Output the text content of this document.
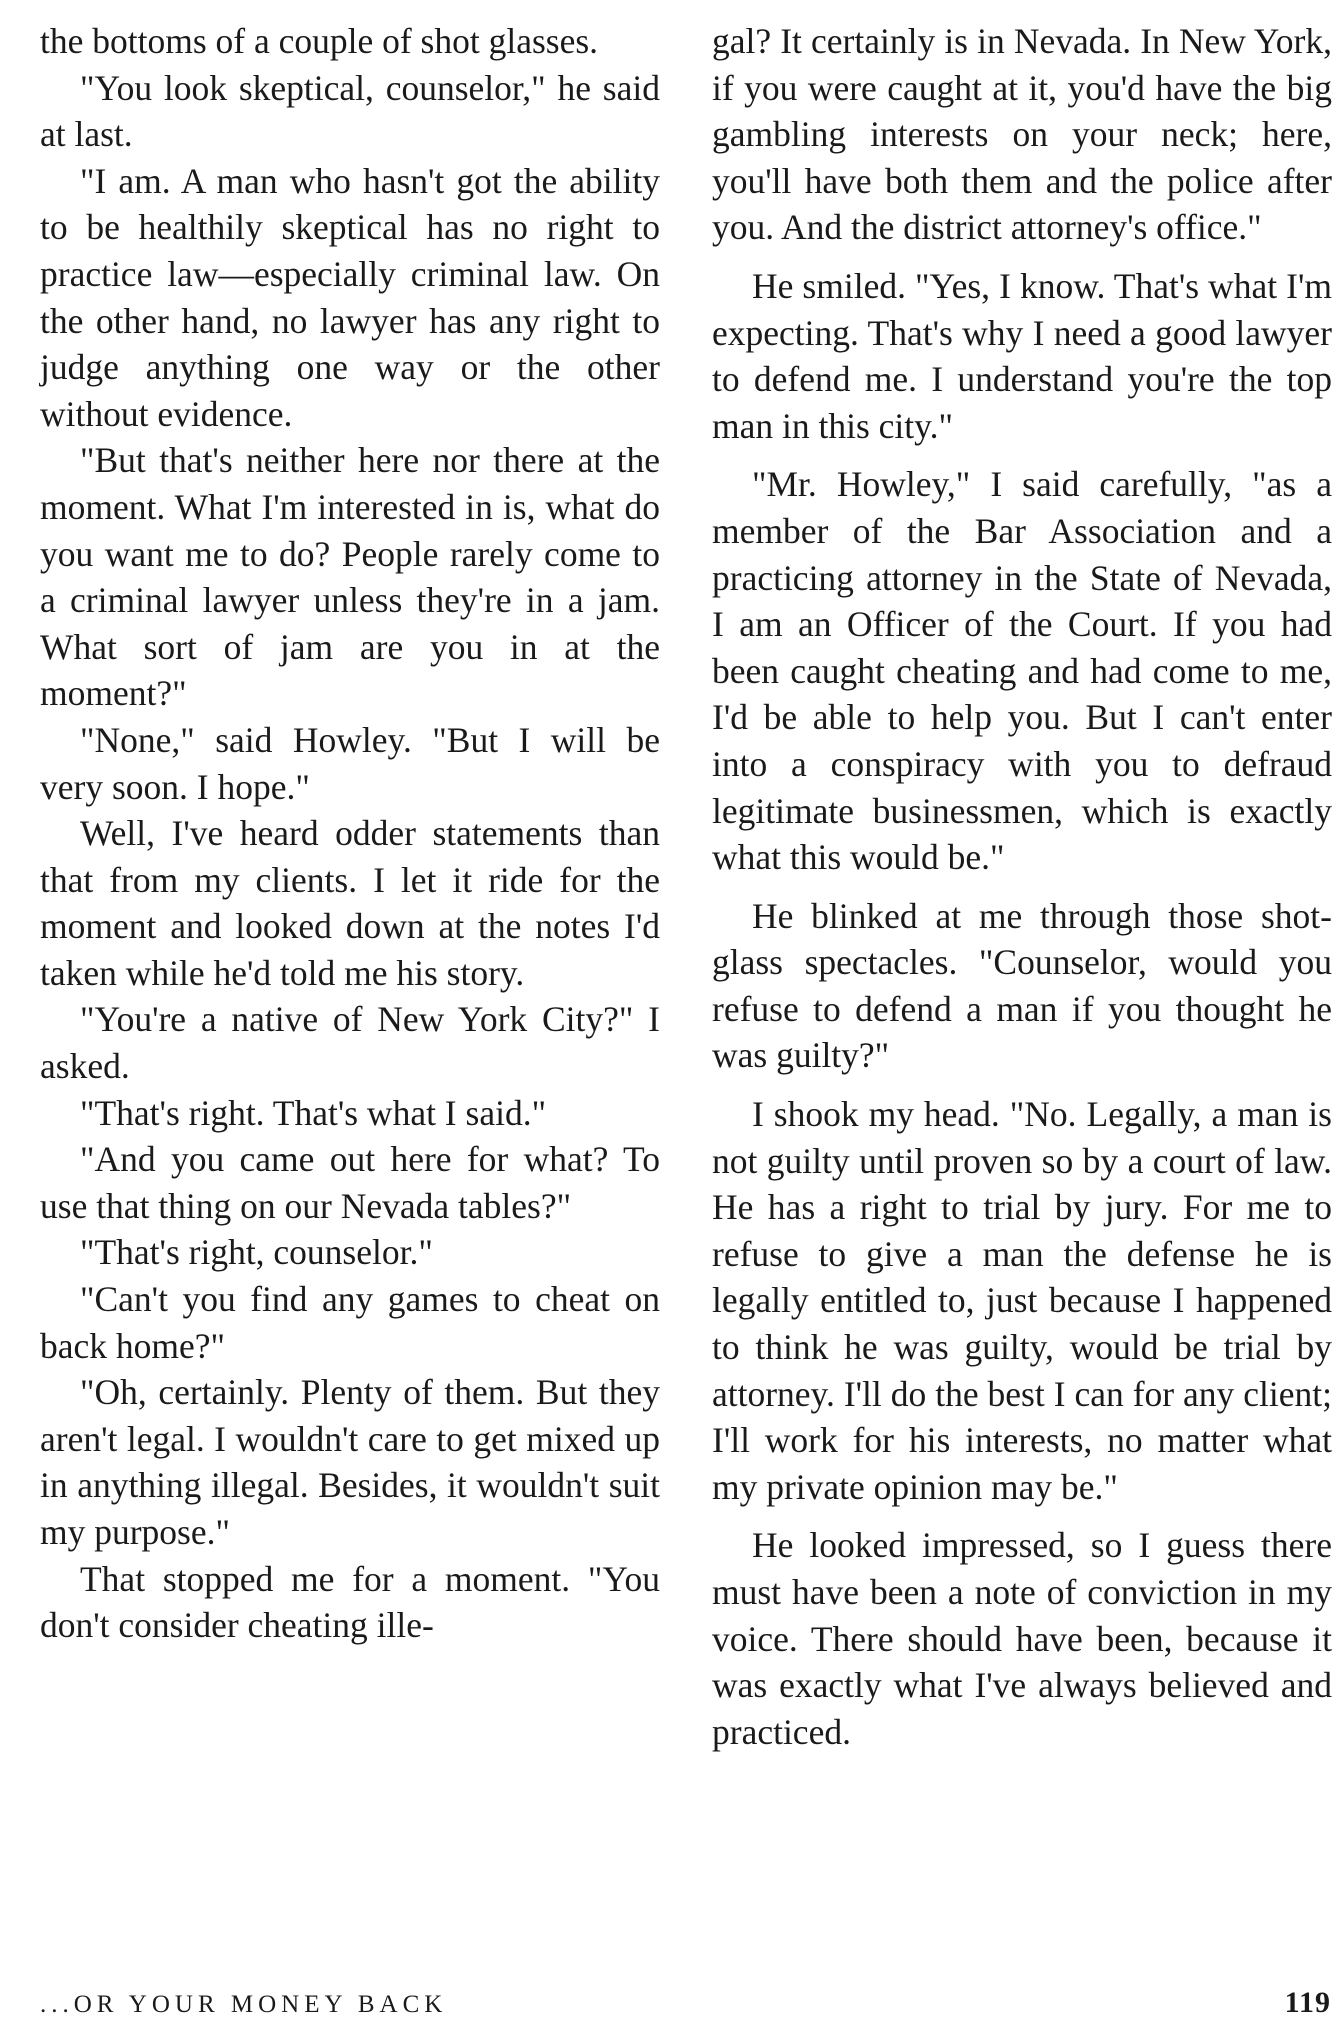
the bottoms of a couple of shot glasses.

"You look skeptical, counselor," he said at last.

"I am. A man who hasn't got the ability to be healthily skeptical has no right to practice law—especially criminal law. On the other hand, no lawyer has any right to judge anything one way or the other without evidence.

"But that's neither here nor there at the moment. What I'm interested in is, what do you want me to do? People rarely come to a criminal lawyer unless they're in a jam. What sort of jam are you in at the moment?"

"None," said Howley. "But I will be very soon. I hope."

Well, I've heard odder statements than that from my clients. I let it ride for the moment and looked down at the notes I'd taken while he'd told me his story.

"You're a native of New York City?" I asked.

"That's right. That's what I said."

"And you came out here for what? To use that thing on our Nevada tables?"

"That's right, counselor."

"Can't you find any games to cheat on back home?"

"Oh, certainly. Plenty of them. But they aren't legal. I wouldn't care to get mixed up in anything illegal. Besides, it wouldn't suit my purpose."

That stopped me for a moment. "You don't consider cheating ille-

gal? It certainly is in Nevada. In New York, if you were caught at it, you'd have the big gambling interests on your neck; here, you'll have both them and the police after you. And the district attorney's office."

He smiled. "Yes, I know. That's what I'm expecting. That's why I need a good lawyer to defend me. I understand you're the top man in this city."

"Mr. Howley," I said carefully, "as a member of the Bar Association and a practicing attorney in the State of Nevada, I am an Officer of the Court. If you had been caught cheating and had come to me, I'd be able to help you. But I can't enter into a conspiracy with you to defraud legitimate businessmen, which is exactly what this would be."

He blinked at me through those shot-glass spectacles. "Counselor, would you refuse to defend a man if you thought he was guilty?"

I shook my head. "No. Legally, a man is not guilty until proven so by a court of law. He has a right to trial by jury. For me to refuse to give a man the defense he is legally entitled to, just because I happened to think he was guilty, would be trial by attorney. I'll do the best I can for any client; I'll work for his interests, no matter what my private opinion may be."

He looked impressed, so I guess there must have been a note of conviction in my voice. There should have been, because it was exactly what I've always believed and practiced.

...OR YOUR MONEY BACK	119
